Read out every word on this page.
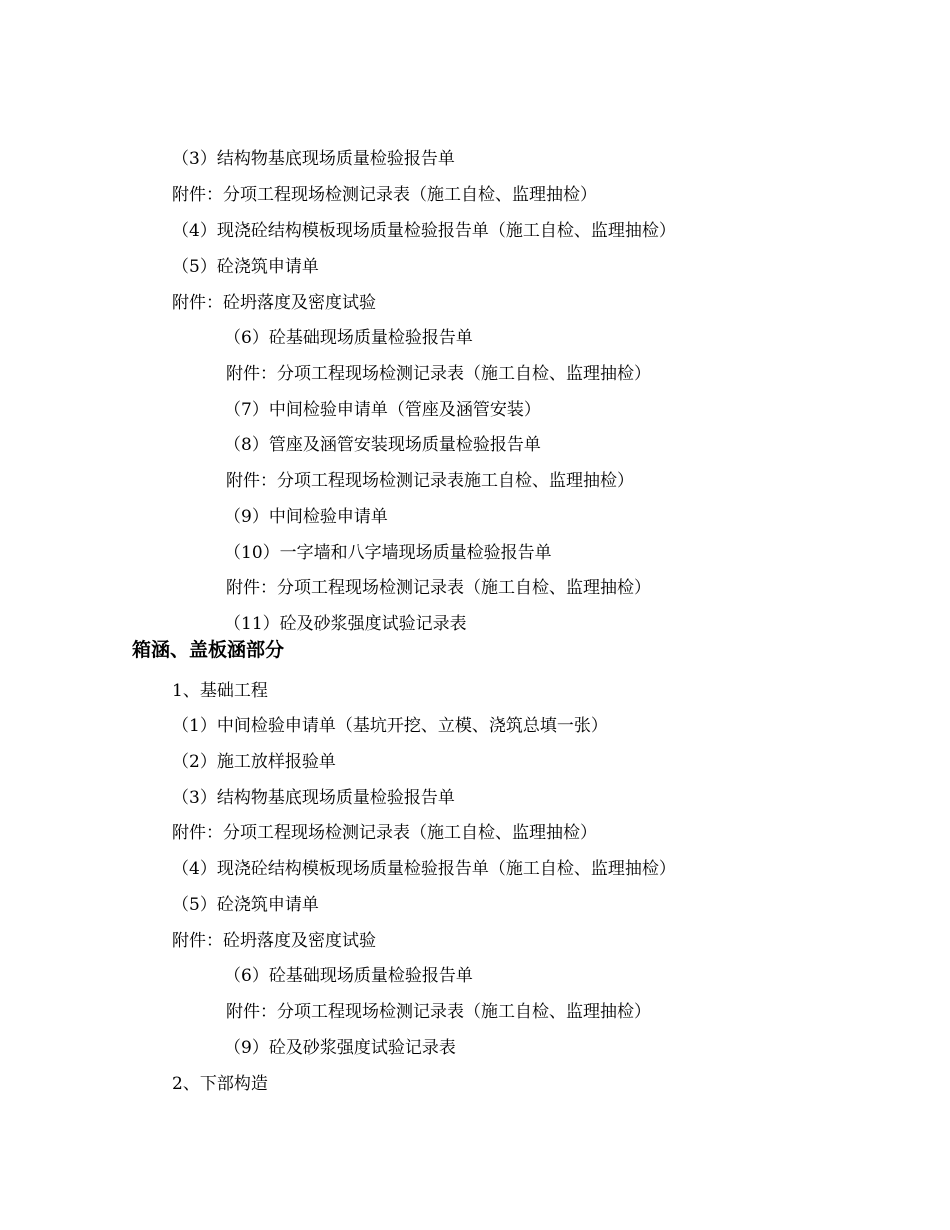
（3）结构物基底现场质量检验报告单
附件：分项工程现场检测记录表（施工自检、监理抽检）
（4）现浇砼结构模板现场质量检验报告单（施工自检、监理抽检）
（5）砼浇筑申请单
附件：砼坍落度及密度试验
（6）砼基础现场质量检验报告单
附件：分项工程现场检测记录表（施工自检、监理抽检）
（7）中间检验申请单（管座及涵管安装）
（8）管座及涵管安装现场质量检验报告单
附件：分项工程现场检测记录表施工自检、监理抽检）
（9）中间检验申请单
（10）一字墙和八字墙现场质量检验报告单
附件：分项工程现场检测记录表（施工自检、监理抽检）
（11）砼及砂浆强度试验记录表
箱涵、盖板涵部分
1、基础工程
（1）中间检验申请单（基坑开挖、立模、浇筑总填一张）
（2）施工放样报验单
（3）结构物基底现场质量检验报告单
附件：分项工程现场检测记录表（施工自检、监理抽检）
（4）现浇砼结构模板现场质量检验报告单（施工自检、监理抽检）
（5）砼浇筑申请单
附件：砼坍落度及密度试验
（6）砼基础现场质量检验报告单
附件：分项工程现场检测记录表（施工自检、监理抽检）
（9）砼及砂浆强度试验记录表
2、下部构造
